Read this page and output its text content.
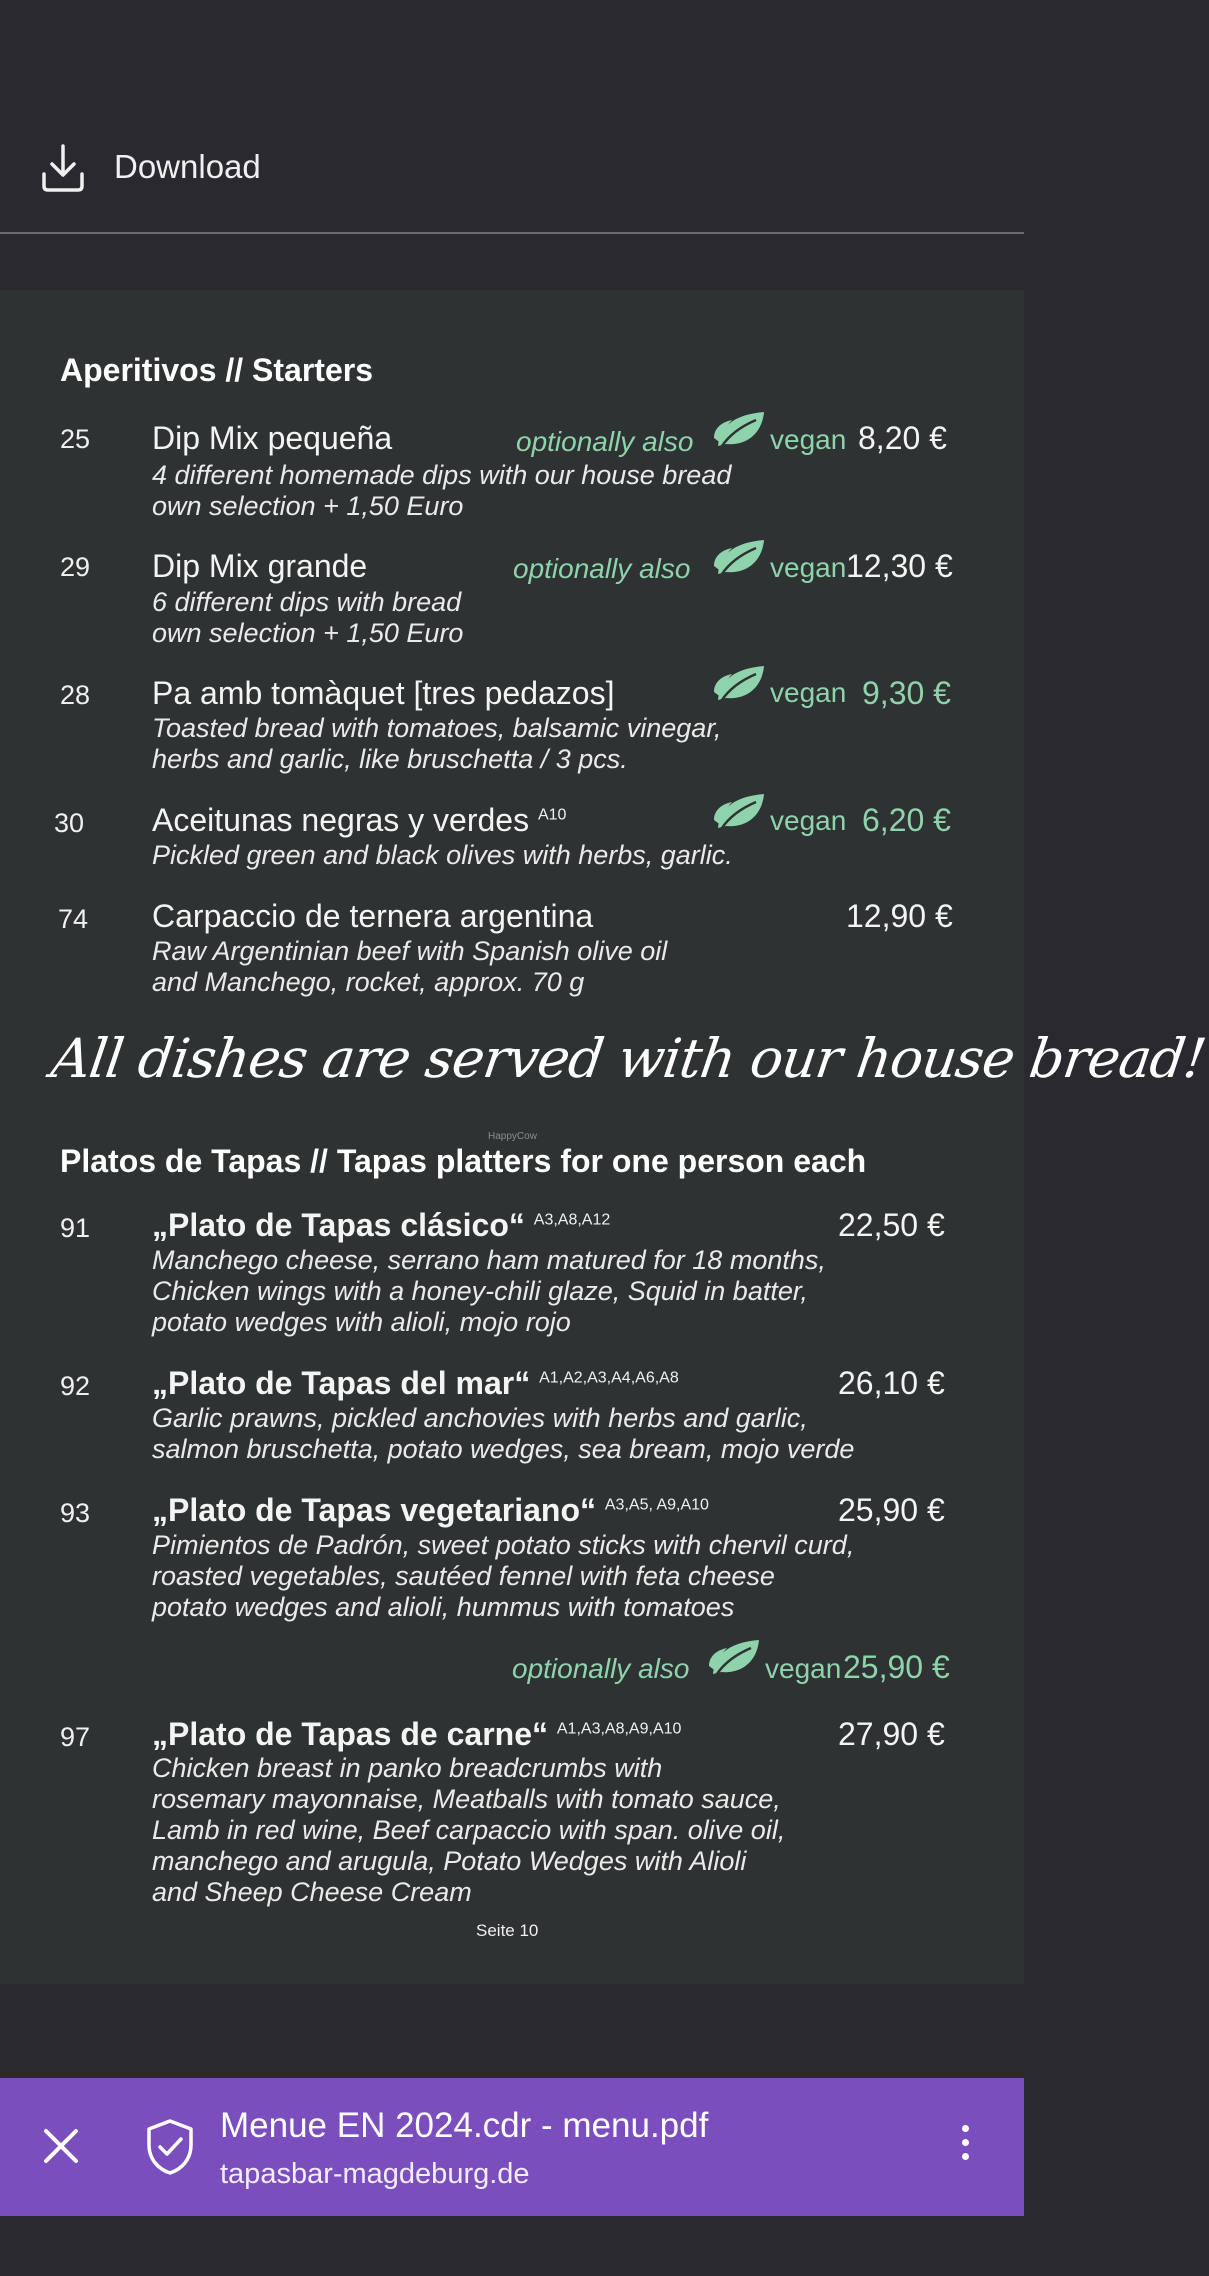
Download
Aperitivos // Starters
25 Dip Mix pequeña	optionally also	vegan 8,20 €
4 different homemade dips with our house bread
own selection + 1,50 Euro
29 Dip Mix grande	optionally also	vegan 12,30 €
6 different dips with bread
own selection + 1,50 Euro
28 Pa amb tomàquet [tres pedazos]	vegan 9,30 €
Toasted bread with tomatoes, balsamic vinegar,
herbs and garlic, like bruschetta / 3 pcs.
30 Aceitunas negras y verdes $^{A10}$	vegan 6,20 €
Pickled green and black olives with herbs, garlic.
74 Carpaccio de ternera argentina	12,90 €
Raw Argentinian beef with Spanish olive oil
and Manchego, rocket, approx. 70 g
All dishes are served with our house bread!
HappyCow
Platos de Tapas // Tapas platters for one person each
91 „Plato de Tapas clásico“ $^{A3,A8,A12}$	22,50 €
Manchego cheese, serrano ham matured for 18 months,
Chicken wings with a honey-chili glaze, Squid in batter,
potato wedges with alioli, mojo rojo
92 „Plato de Tapas del mar“ $^{A1,A2,A3,A4,A6,A8}$	26,10 €
Garlic prawns, pickled anchovies with herbs and garlic,
salmon bruschetta, potato wedges, sea bream, mojo verde
93 „Plato de Tapas vegetariano“ $^{A3,A5, A9,A10}$	25,90 €
Pimientos de Padrón, sweet potato sticks with chervil curd,
roasted vegetables, sautéed fennel with feta cheese
potato wedges and alioli, hummus with tomatoes
optionally also	vegan 25,90 €
97 „Plato de Tapas de carne“ $^{A1,A3,A8,A9,A10}$	27,90 €
Chicken breast in panko breadcrumbs with
rosemary mayonnaise, Meatballs with tomato sauce,
Lamb in red wine, Beef carpaccio with span. olive oil,
manchego and arugula, Potato Wedges with Alioli
and Sheep Cheese Cream
Seite 10
Menue EN 2024.cdr - menu.pdf
tapasbar-magdeburg.de
